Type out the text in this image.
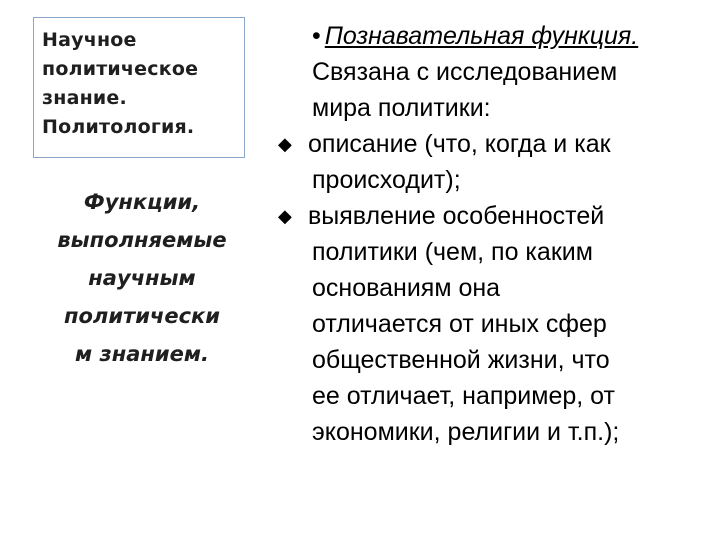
Научное
политическое
знание.
Политология.
Функции,
выполняемые
научным
политически
м знанием.
• Познавательная функция.
Связана с исследованием
мира политики:
◆ описание (что, когда и как
происходит);
◆ выявление особенностей
политики (чем, по каким
основаниям она
отличается от иных сфер
общественной жизни, что
ее отличает, например, от
экономики, религии и т.п.);
